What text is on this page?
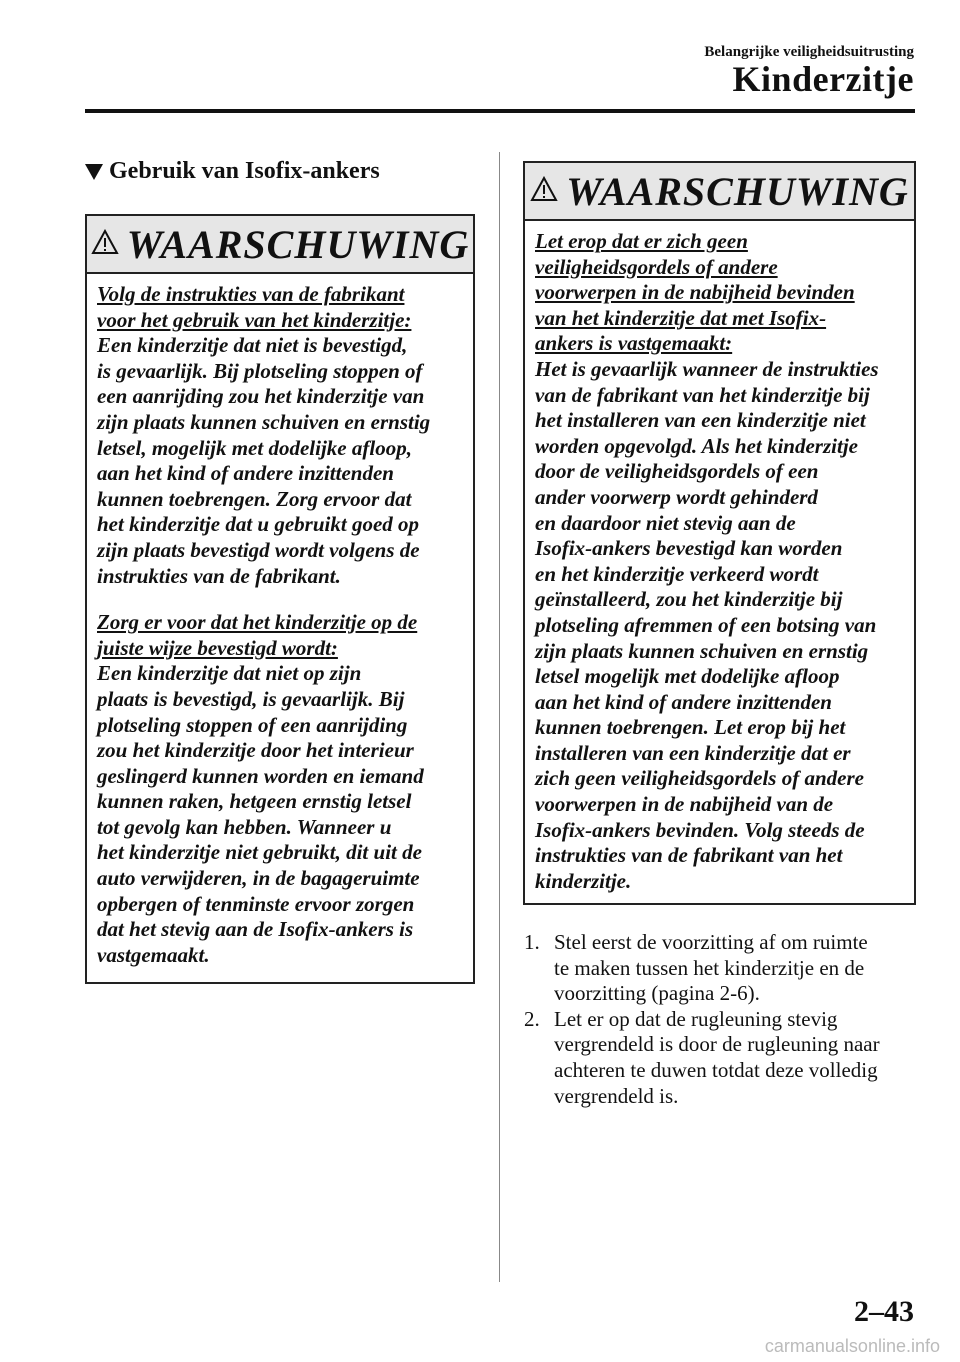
Belangrijke veiligheidsuitrusting
Kinderzitje
Gebruik van Isofix-ankers
WAARSCHUWING
Volg de instrukties van de fabrikant
voor het gebruik van het kinderzitje:
Een kinderzitje dat niet is bevestigd,
is gevaarlijk. Bij plotseling stoppen of
een aanrijding zou het kinderzitje van
zijn plaats kunnen schuiven en ernstig
letsel, mogelijk met dodelijke afloop,
aan het kind of andere inzittenden
kunnen toebrengen. Zorg ervoor dat
het kinderzitje dat u gebruikt goed op
zijn plaats bevestigd wordt volgens de
instrukties van de fabrikant.
Zorg er voor dat het kinderzitje op de
juiste wijze bevestigd wordt:
Een kinderzitje dat niet op zijn
plaats is bevestigd, is gevaarlijk. Bij
plotseling stoppen of een aanrijding
zou het kinderzitje door het interieur
geslingerd kunnen worden en iemand
kunnen raken, hetgeen ernstig letsel
tot gevolg kan hebben. Wanneer u
het kinderzitje niet gebruikt, dit uit de
auto verwijderen, in de bagageruimte
opbergen of tenminste ervoor zorgen
dat het stevig aan de Isofix-ankers is
vastgemaakt.
WAARSCHUWING
Let erop dat er zich geen
veiligheidsgordels of andere
voorwerpen in de nabijheid bevinden
van het kinderzitje dat met Isofix-
ankers is vastgemaakt:
Het is gevaarlijk wanneer de instrukties
van de fabrikant van het kinderzitje bij
het installeren van een kinderzitje niet
worden opgevolgd. Als het kinderzitje
door de veiligheidsgordels of een
ander voorwerp wordt gehinderd
en daardoor niet stevig aan de
Isofix-ankers bevestigd kan worden
en het kinderzitje verkeerd wordt
geïnstalleerd, zou het kinderzitje bij
plotseling afremmen of een botsing van
zijn plaats kunnen schuiven en ernstig
letsel mogelijk met dodelijke afloop
aan het kind of andere inzittenden
kunnen toebrengen. Let erop bij het
installeren van een kinderzitje dat er
zich geen veiligheidsgordels of andere
voorwerpen in de nabijheid van de
Isofix-ankers bevinden. Volg steeds de
instrukties van de fabrikant van het
kinderzitje.
1. Stel eerst de voorzitting af om ruimte
te maken tussen het kinderzitje en de
voorzitting (pagina 2-6).
2. Let er op dat de rugleuning stevig
vergrendeld is door de rugleuning naar
achteren te duwen totdat deze volledig
vergrendeld is.
2–43
carmanualsonline.info
